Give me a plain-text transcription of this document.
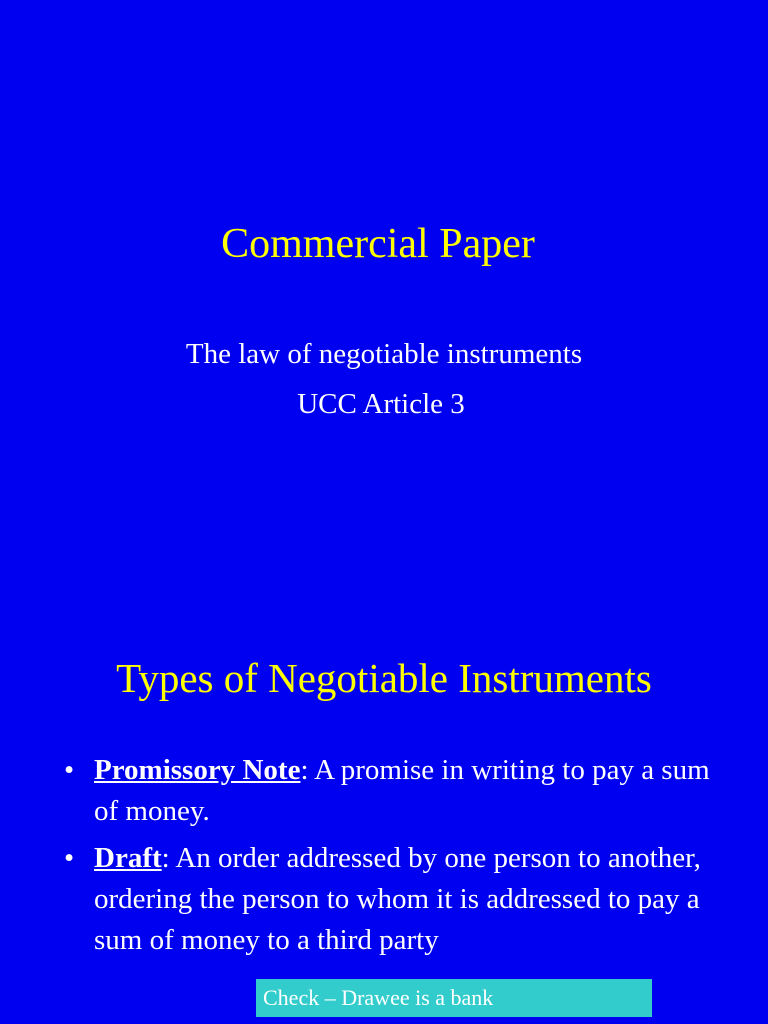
Commercial Paper

The law of negotiable instruments

UCC Article 3

Types of Negotiable Instruments
• Promissory Note: A promise in writing to pay a sum of money.
• Draft: An order addressed by one person to another, ordering the person to whom it is addressed to pay a sum of money to a third party
Check – Drawee is a bank
